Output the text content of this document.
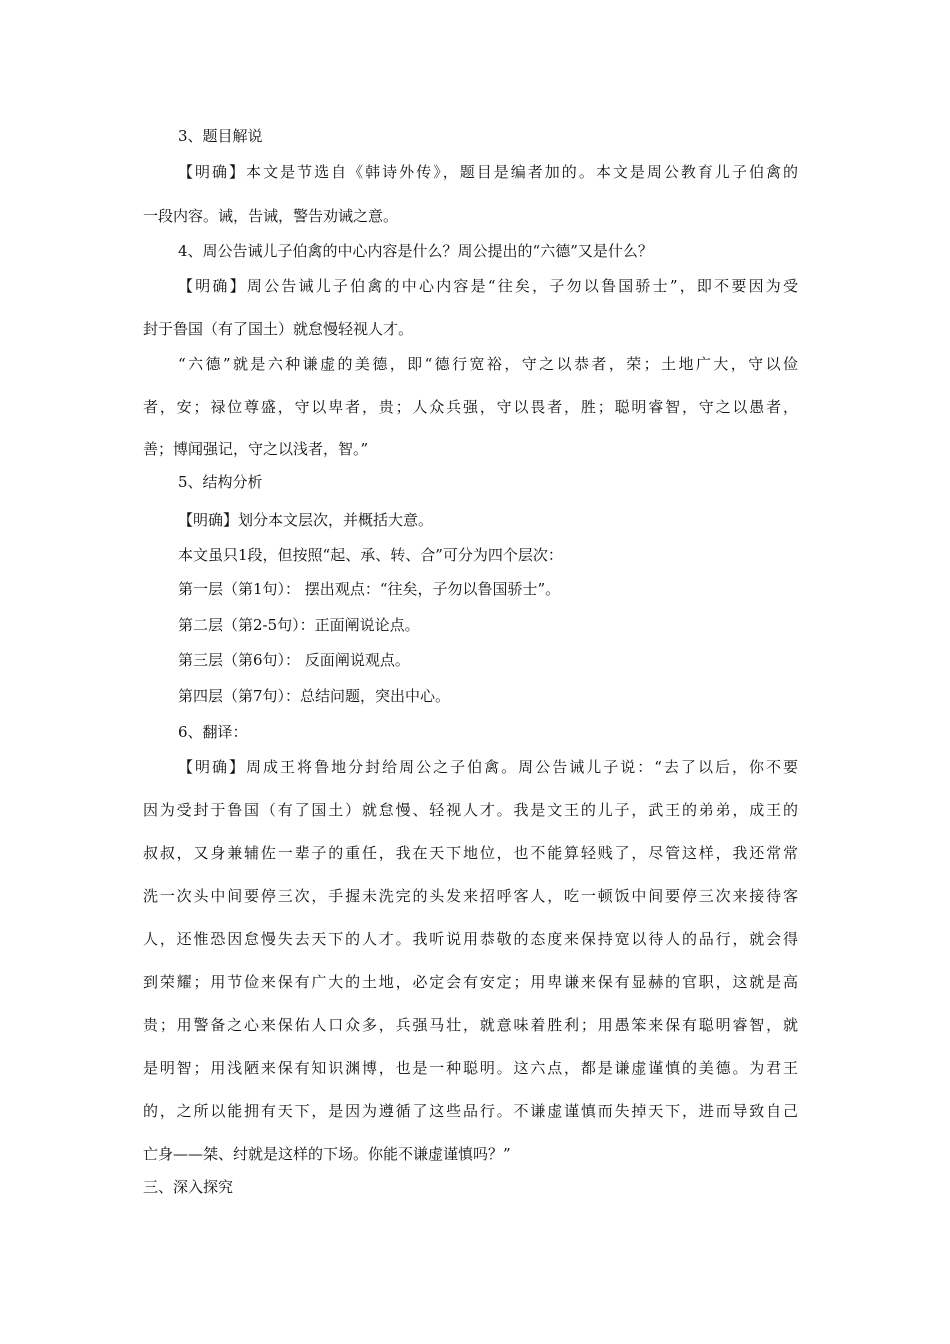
3、题目解说
【明确】本文是节选自《韩诗外传》，题目是编者加的。本文是周公教育儿子伯禽的
一段内容。诫，告诫，警告劝诫之意。
4、周公告诫儿子伯禽的中心内容是什么？周公提出的“六德”又是什么？
【明确】周公告诫儿子伯禽的中心内容是“往矣，子勿以鲁国骄士”，即不要因为受
封于鲁国（有了国土）就怠慢轻视人才。
“六德”就是六种谦虚的美德，即“德行宽裕，守之以恭者，荣；土地广大，守以俭
者，安；禄位尊盛，守以卑者，贵；人众兵强，守以畏者，胜；聪明睿智，守之以愚者，
善；博闻强记，守之以浅者，智。”
5、结构分析
【明确】划分本文层次，并概括大意。
本文虽只1段，但按照“起、承、转、合”可分为四个层次：
第一层（第1句）： 摆出观点：“往矣，子勿以鲁国骄士”。
第二层（第2-5句）：正面阐说论点。
第三层（第6句）： 反面阐说观点。
第四层（第7句）：总结问题，突出中心。
6、翻译：
【明确】周成王将鲁地分封给周公之子伯禽。周公告诫儿子说：“去了以后，你不要
因为受封于鲁国（有了国土）就怠慢、轻视人才。我是文王的儿子，武王的弟弟，成王的
叔叔，又身兼辅佐一辈子的重任，我在天下地位，也不能算轻贱了，尽管这样，我还常常
洗一次头中间要停三次，手握未洗完的头发来招呼客人，吃一顿饭中间要停三次来接待客
人，还惟恐因怠慢失去天下的人才。我听说用恭敬的态度来保持宽以待人的品行，就会得
到荣耀；用节俭来保有广大的土地，必定会有安定；用卑谦来保有显赫的官职，这就是高
贵；用警备之心来保佑人口众多，兵强马壮，就意味着胜利；用愚笨来保有聪明睿智，就
是明智；用浅陋来保有知识渊博，也是一种聪明。这六点，都是谦虚谨慎的美德。为君王
的，之所以能拥有天下，是因为遵循了这些品行。不谦虚谨慎而失掉天下，进而导致自己
亡身——桀、纣就是这样的下场。你能不谦虚谨慎吗？”
三、深入探究
